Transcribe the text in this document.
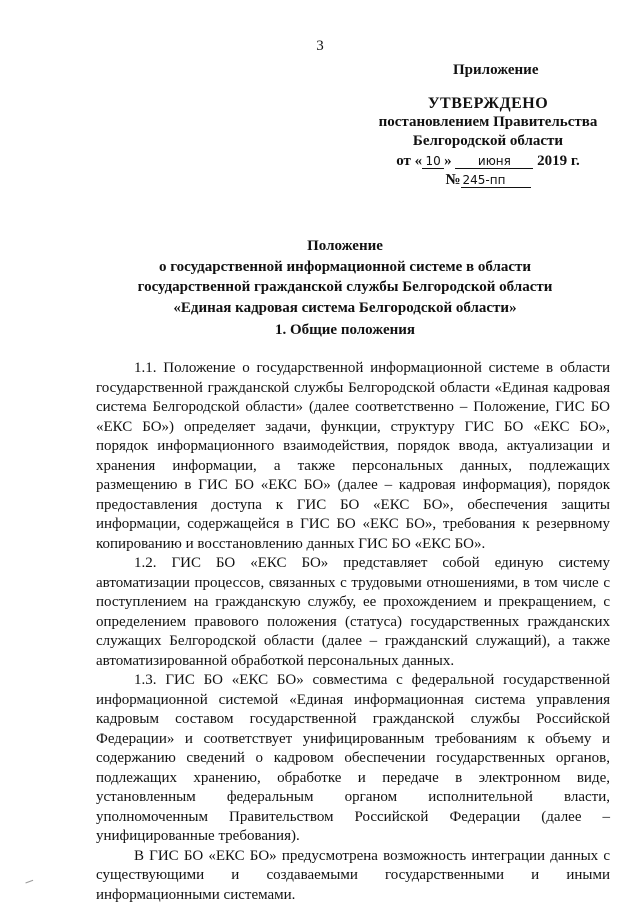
3
Приложение
УТВЕРЖДЕНО
постановлением Правительства
Белгородской области
от « 10 » июня 2019 г.
№ 245-пп
Положение
о государственной информационной системе в области
государственной гражданской службы Белгородской области
«Единая кадровая система Белгородской области»
1. Общие положения

1.1. Положение о государственной информационной системе в области государственной гражданской службы Белгородской области «Единая кадровая система Белгородской области» (далее соответственно – Положение, ГИС БО «ЕКС БО») определяет задачи, функции, структуру ГИС БО «ЕКС БО», порядок информационного взаимодействия, порядок ввода, актуализации и хранения информации, а также персональных данных, подлежащих размещению в ГИС БО «ЕКС БО» (далее – кадровая информация), порядок предоставления доступа к ГИС БО «ЕКС БО», обеспечения защиты информации, содержащейся в ГИС БО «ЕКС БО», требования к резервному копированию и восстановлению данных ГИС БО «ЕКС БО».

1.2. ГИС БО «ЕКС БО» представляет собой единую систему автоматизации процессов, связанных с трудовыми отношениями, в том числе с поступлением на гражданскую службу, ее прохождением и прекращением, с определением правового положения (статуса) государственных гражданских служащих Белгородской области (далее – гражданский служащий), а также автоматизированной обработкой персональных данных.

1.3. ГИС БО «ЕКС БО» совместима с федеральной государственной информационной системой «Единая информационная система управления кадровым составом государственной гражданской службы Российской Федерации» и соответствует унифицированным требованиям к объему и содержанию сведений о кадровом обеспечении государственных органов, подлежащих хранению, обработке и передаче в электронном виде, установленным федеральным органом исполнительной власти, уполномоченным Правительством Российской Федерации (далее – унифицированные требования).

В ГИС БО «ЕКС БО» предусмотрена возможность интеграции данных с существующими и создаваемыми государственными и иными информационными системами.
